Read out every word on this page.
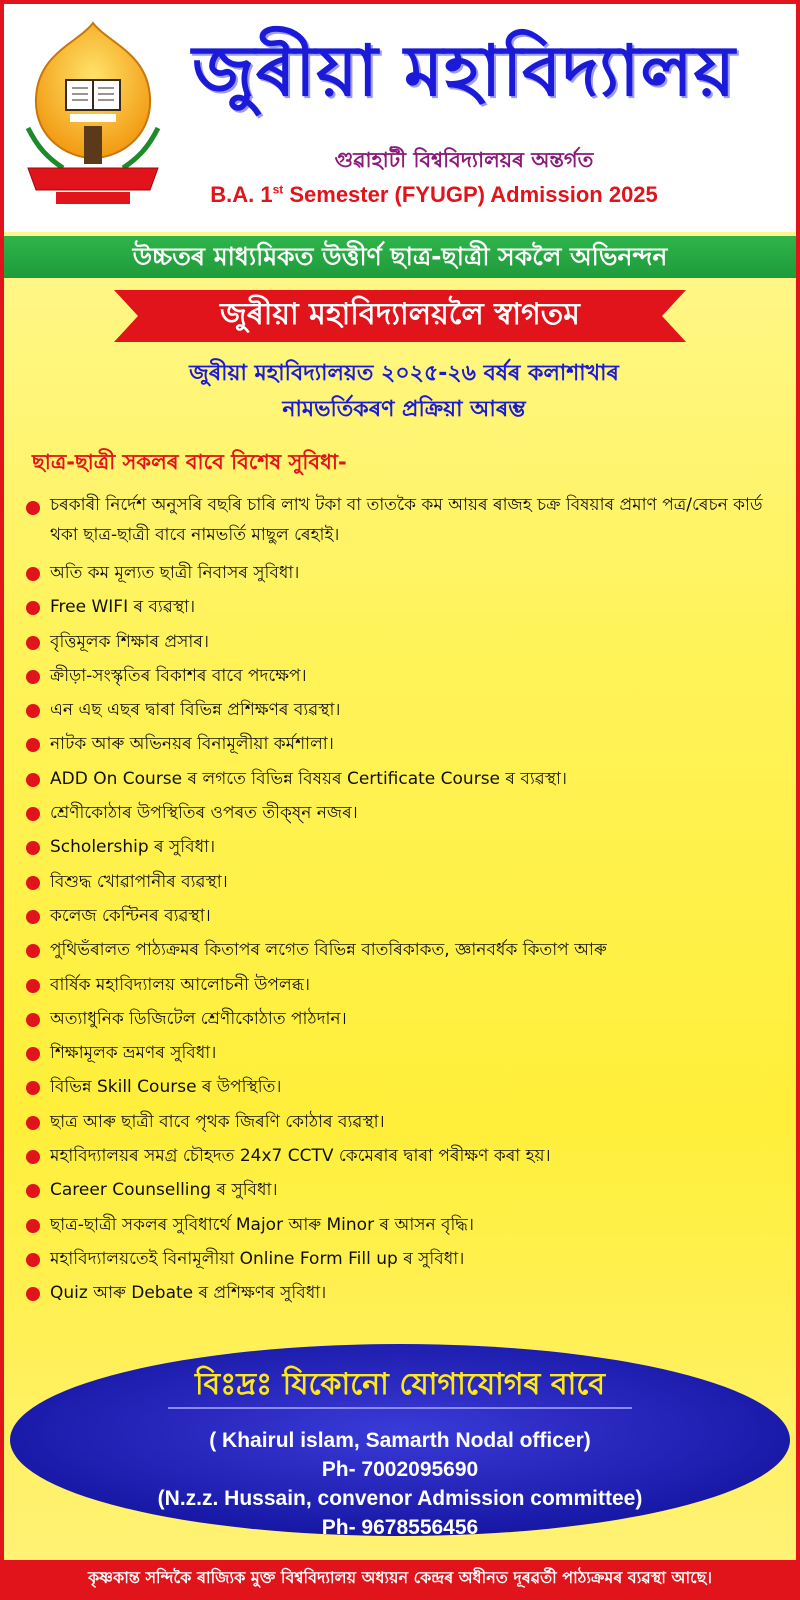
জুৰীয়া মহাবিদ্যালয়
গুৱাহাটী বিশ্ববিদ্যালয়ৰ অন্তৰ্গত
B.A. 1st Semester (FYUGP) Admission 2025
উচ্চতৰ মাধ্যমিকত উত্তীৰ্ণ ছাত্ৰ-ছাত্ৰী সকলৈ অভিনন্দন
জুৰীয়া মহাবিদ্যালয়লৈ স্বাগতম
জুৰীয়া মহাবিদ্যালয়ত ২০২৫-২৬ বৰ্ষৰ কলাশাখাৰ
নামভৰ্তিকৰণ প্ৰক্ৰিয়া আৰম্ভ
ছাত্ৰ-ছাত্ৰী সকলৰ বাবে বিশেষ সুবিধা-
চৰকাৰী নিৰ্দেশ অনুসৰি বছৰি চাৰি লাখ টকা বা তাতকৈ কম আয়ৰ ৰাজহ চক্ৰ বিষয়াৰ প্ৰমাণ পত্ৰ/ৰেচন কাৰ্ড থকা ছাত্ৰ-ছাত্ৰী বাবে নামভৰ্তি মাছুল ৰেহাই।
অতি কম মূল্যত ছাত্ৰী নিবাসৰ সুবিধা।
Free WIFI ৰ ব্যৱস্থা।
বৃত্তিমূলক শিক্ষাৰ প্ৰসাৰ।
ক্ৰীড়া-সংস্কৃতিৰ বিকাশৰ বাবে পদক্ষেপ।
এন এছ এছৰ দ্বাৰা বিভিন্ন প্ৰশিক্ষণৰ ব্যৱস্থা।
নাটক আৰু অভিনয়ৰ বিনামূলীয়া কৰ্মশালা।
ADD On Course ৰ লগতে বিভিন্ন বিষয়ৰ Certificate Course ৰ ব্যৱস্থা।
শ্ৰেণীকোঠাৰ উপস্থিতিৰ ওপৰত তীক্ষ্ন নজৰ।
Scholership ৰ সুবিধা।
বিশুদ্ধ খোৱাপানীৰ ব্যৱস্থা।
কলেজ কেন্টিনৰ ব্যৱস্থা।
পুথিভঁৰালত পাঠ্যক্ৰমৰ কিতাপৰ লগেত বিভিন্ন বাতৰিকাকত, জ্ঞানবৰ্ধক কিতাপ আৰু
বাৰ্ষিক মহাবিদ্যালয় আলোচনী উপলব্ধ।
অত্যাধুনিক ডিজিটেল শ্ৰেণীকোঠাত পাঠদান।
শিক্ষামূলক ভ্ৰমণৰ সুবিধা।
বিভিন্ন Skill Course ৰ উপস্থিতি।
ছাত্ৰ আৰু ছাত্ৰী বাবে পৃথক জিৰণি কোঠাৰ ব্যৱস্থা।
মহাবিদ্যালয়ৰ সমগ্ৰ চৌহদত 24x7 CCTV কেমেৰাৰ দ্বাৰা পৰীক্ষণ কৰা হয়।
Career Counselling ৰ সুবিধা।
ছাত্ৰ-ছাত্ৰী সকলৰ সুবিধাৰ্থে Major আৰু Minor ৰ আসন বৃদ্ধি।
মহাবিদ্যালয়তেই বিনামূলীয়া Online Form Fill up ৰ সুবিধা।
Quiz আৰু Debate ৰ প্ৰশিক্ষণৰ সুবিধা।
বিঃদ্ৰঃ যিকোনো যোগাযোগৰ বাবে
( Khairul islam, Samarth Nodal officer)
Ph- 7002095690
(N.z.z. Hussain, convenor Admission committee)
Ph- 9678556456
কৃষ্ণকান্ত সন্দিকৈ ৰাজ্যিক মুক্ত বিশ্ববিদ্যালয় অধ্যয়ন কেন্দ্ৰৰ অধীনত দূৰৱৰ্তী পাঠ্যক্ৰমৰ ব্যৱস্থা আছে।
